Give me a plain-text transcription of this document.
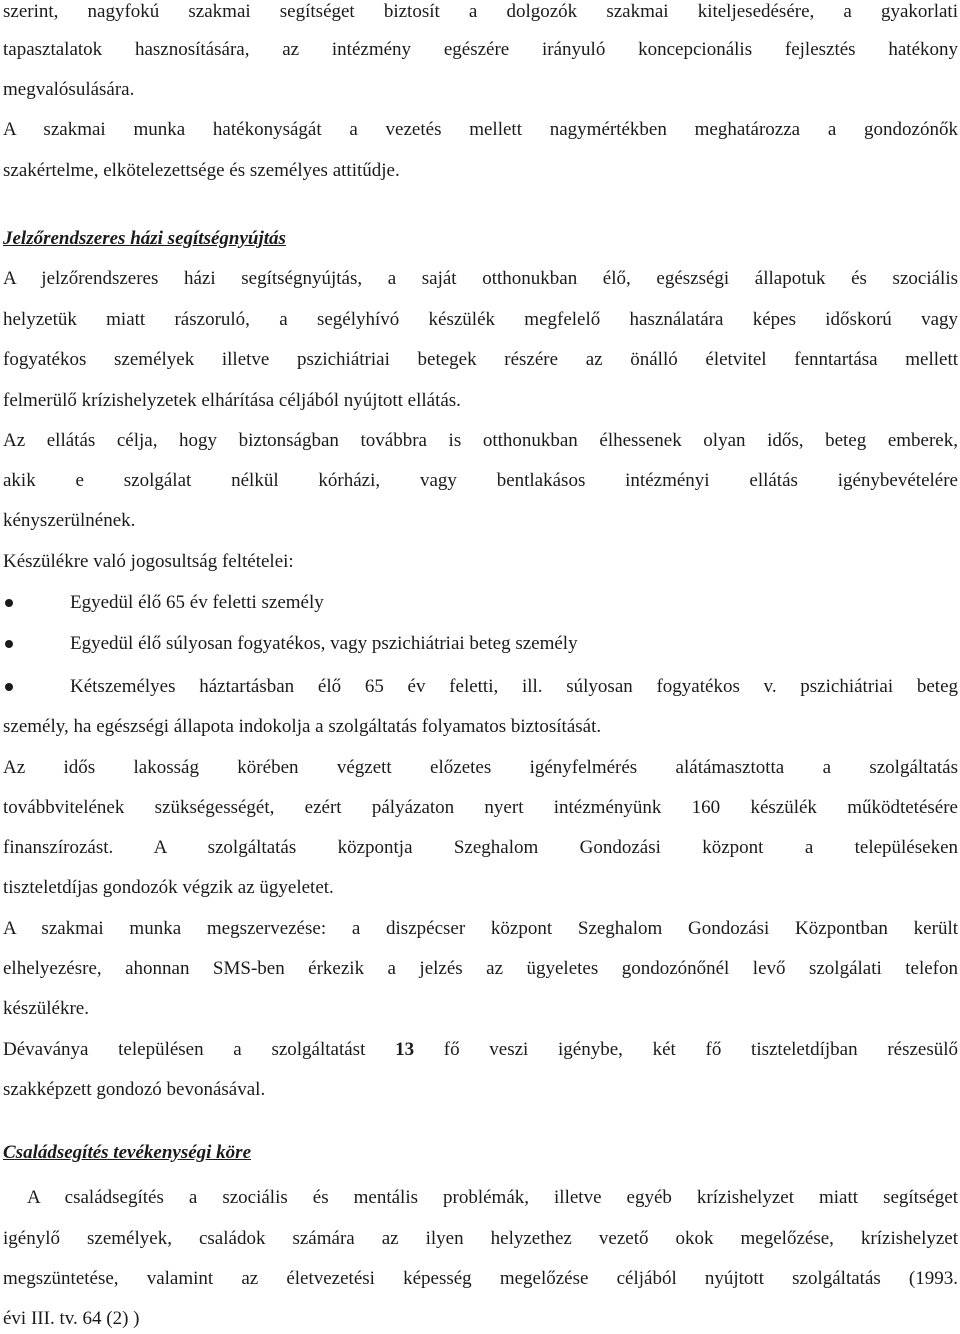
szerint, nagyfokú szakmai segítséget biztosít a dolgozók szakmai kiteljesedésére, a gyakorlati
tapasztalatok hasznosítására, az intézmény egészére irányuló koncepcionális fejlesztés hatékony
megvalósulására.
A szakmai munka hatékonyságát a vezetés mellett nagymértékben meghatározza a gondozónők
szakértelme, elkötelezettsége és személyes attitűdje.
Jelzőrendszeres házi segítségnyújtás
A jelzőrendszeres házi segítségnyújtás, a saját otthonukban élő, egészségi állapotuk és szociális
helyzetük miatt rászoruló, a segélyhívó készülék megfelelő használatára képes időskorú vagy
fogyatékos személyek illetve pszichiátriai betegek részére az önálló életvitel fenntartása mellett
felmerülő krízishelyzetek elhárítása céljából nyújtott ellátás.
Az ellátás célja, hogy biztonságban továbbra is otthonukban élhessenek olyan idős, beteg emberek,
akik e szolgálat nélkül kórházi, vagy bentlakásos intézményi ellátás igénybevételére
kényszerülnének.
Készülékre való jogosultság feltételei:
Egyedül élő 65 év feletti személy
Egyedül élő súlyosan fogyatékos, vagy pszichiátriai beteg személy
Kétszemélyes háztartásban élő 65 év feletti, ill. súlyosan fogyatékos v. pszichiátriai beteg
személy, ha egészségi állapota indokolja a szolgáltatás folyamatos biztosítását.
Az idős lakosság körében végzett előzetes igényfelmérés alátámasztotta a szolgáltatás
továbbvitelének szükségességét, ezért pályázaton nyert intézményünk 160 készülék működtetésére
finanszírozást. A szolgáltatás központja Szeghalom Gondozási központ a településeken
tiszteletdíjas gondozók végzik az ügyeletet.
A szakmai munka megszervezése: a diszpécser központ Szeghalom Gondozási Központban került
elhelyezésre, ahonnan SMS-ben érkezik a jelzés az ügyeletes gondozónőnél levő szolgálati telefon
készülékre.
Dévaványa településen a szolgáltatást 13 fő veszi igénybe, két fő tiszteletdíjban részesülő
szakképzett gondozó bevonásával.
Családsegítés tevékenységi köre
A családsegítés a szociális és mentális problémák, illetve egyéb krízishelyzet miatt segítséget
igénylő személyek, családok számára az ilyen helyzethez vezető okok megelőzése, krízishelyzet
megszüntetése, valamint az életvezetési képesség megelőzése céljából nyújtott szolgáltatás (1993.
évi III. tv. 64 (2) )
